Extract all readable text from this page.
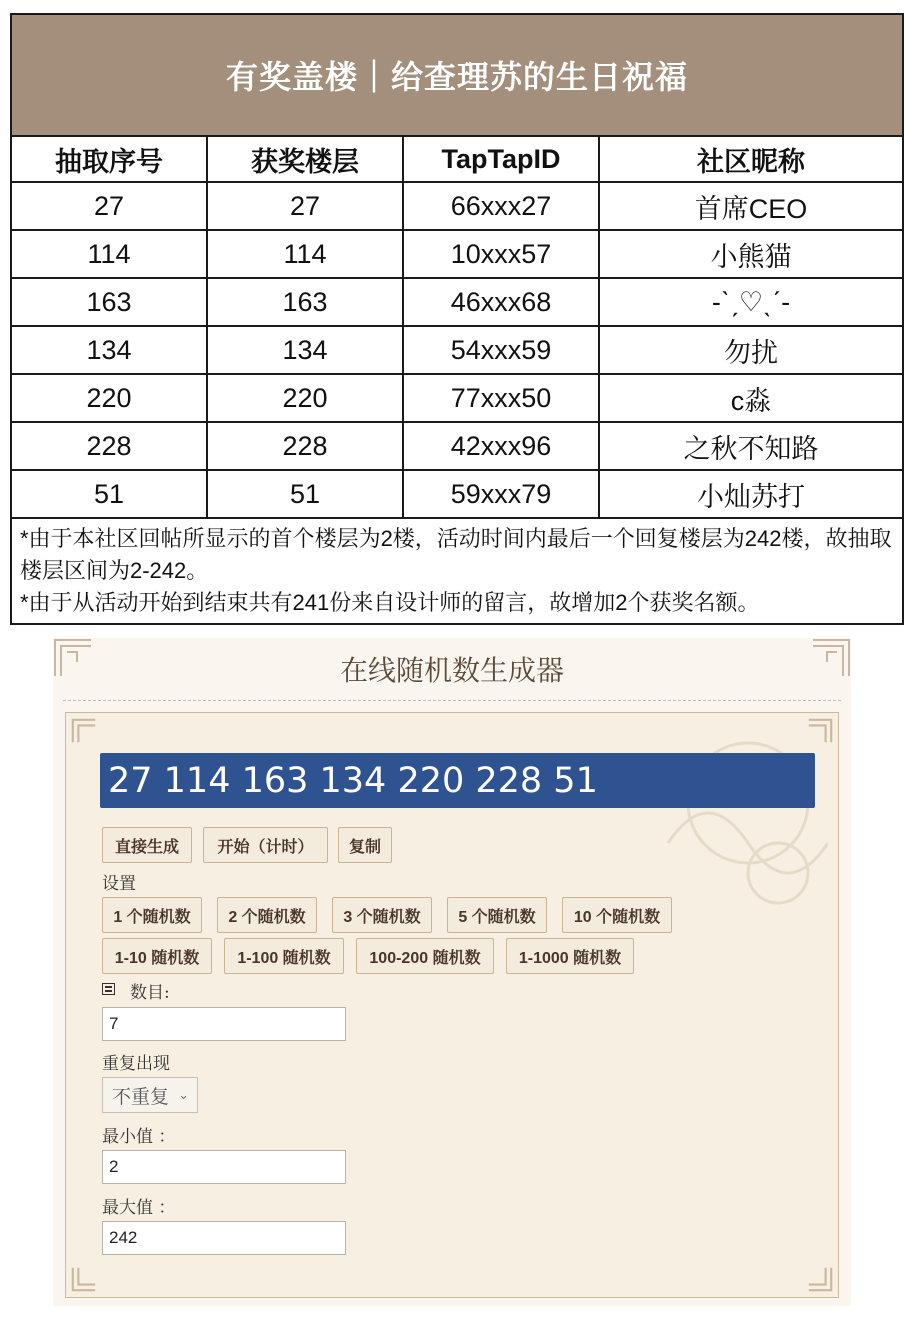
有奖盖楼｜给查理苏的生日祝福
抽取序号	获奖楼层	TapTapID	社区昵称
27	27	66xxx27	首席CEO
114	114	10xxx57	小熊猫
163	163	46xxx68	-ˋˏ♡ˎˊ-
134	134	54xxx59	勿扰
220	220	77xxx50	c淼
228	228	42xxx96	之秋不知路
51	51	59xxx79	小灿苏打
*由于本社区回帖所显示的首个楼层为2楼，活动时间内最后一个回复楼层为242楼，故抽取楼层区间为2-242。
*由于从活动开始到结束共有241份来自设计师的留言，故增加2个获奖名额。
在线随机数生成器
27 114 163 134 220 228 51
直接生成	开始（计时）	复制
设置
1 个随机数	2 个随机数	3 个随机数	5 个随机数	10 个随机数
1-10 随机数	1-100 随机数	100-200 随机数	1-1000 随机数
数目:
7
重复出现
不重复 ⌄
最小值 ：
2
最大值 ：
242
